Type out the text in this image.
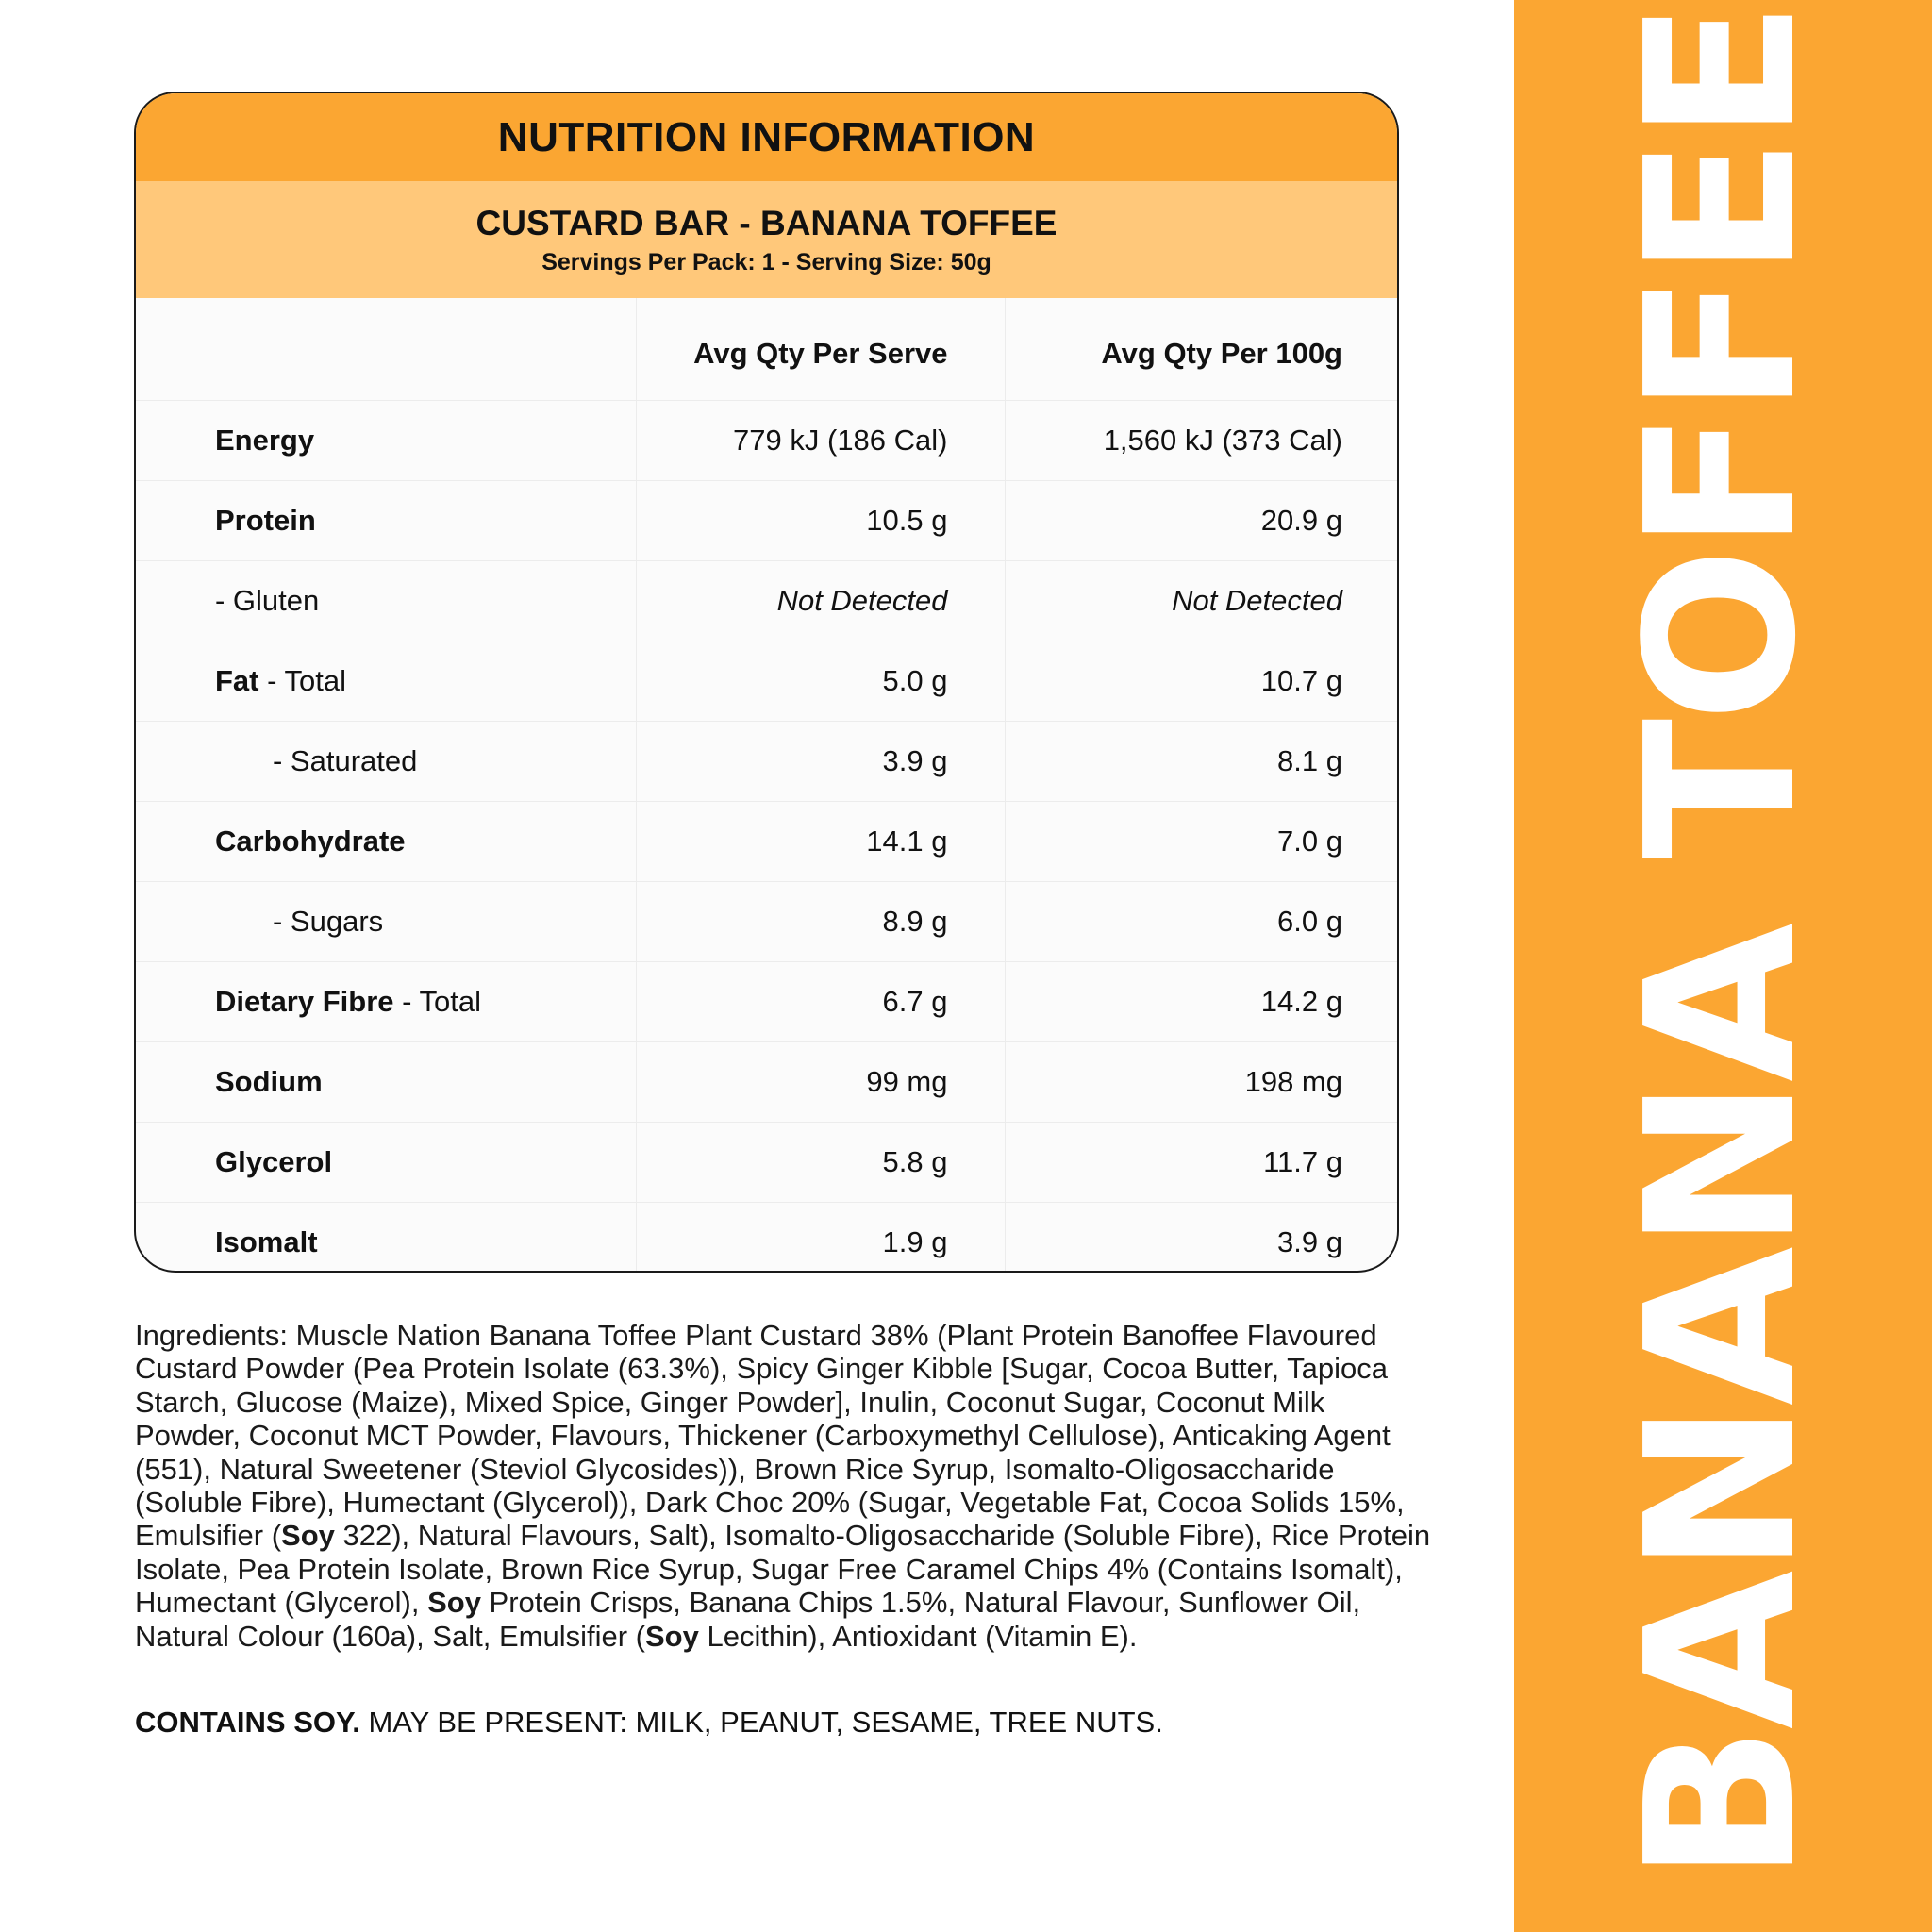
BANANA TOFFEE
NUTRITION INFORMATION
CUSTARD BAR - BANANA TOFFEE
Servings Per Pack: 1 - Serving Size: 50g
	Avg Qty Per Serve	Avg Qty Per 100g
Energy	779 kJ (186 Cal)	1,560 kJ (373 Cal)
Protein	10.5 g	20.9 g
- Gluten	Not Detected	Not Detected
Fat - Total	5.0 g	10.7 g
- Saturated	3.9 g	8.1 g
Carbohydrate	14.1 g	7.0 g
- Sugars	8.9 g	6.0 g
Dietary Fibre - Total	6.7 g	14.2 g
Sodium	99 mg	198 mg
Glycerol	5.8 g	11.7 g
Isomalt	1.9 g	3.9 g
Ingredients: Muscle Nation Banana Toffee Plant Custard 38% (Plant Protein Banoffee Flavoured Custard Powder (Pea Protein Isolate (63.3%), Spicy Ginger Kibble [Sugar, Cocoa Butter, Tapioca Starch, Glucose (Maize), Mixed Spice, Ginger Powder], Inulin, Coconut Sugar, Coconut Milk Powder, Coconut MCT Powder, Flavours, Thickener (Carboxymethyl Cellulose), Anticaking Agent (551), Natural Sweetener (Steviol Glycosides)), Brown Rice Syrup, Isomalto-Oligosaccharide (Soluble Fibre), Humectant (Glycerol)), Dark Choc 20% (Sugar, Vegetable Fat, Cocoa Solids 15%, Emulsifier (Soy 322), Natural Flavours, Salt), Isomalto-Oligosaccharide (Soluble Fibre), Rice Protein Isolate, Pea Protein Isolate, Brown Rice Syrup, Sugar Free Caramel Chips 4% (Contains Isomalt), Humectant (Glycerol), Soy Protein Crisps, Banana Chips 1.5%, Natural Flavour, Sunflower Oil, Natural Colour (160a), Salt, Emulsifier (Soy Lecithin), Antioxidant (Vitamin E).
CONTAINS SOY. MAY BE PRESENT: MILK, PEANUT, SESAME, TREE NUTS.
